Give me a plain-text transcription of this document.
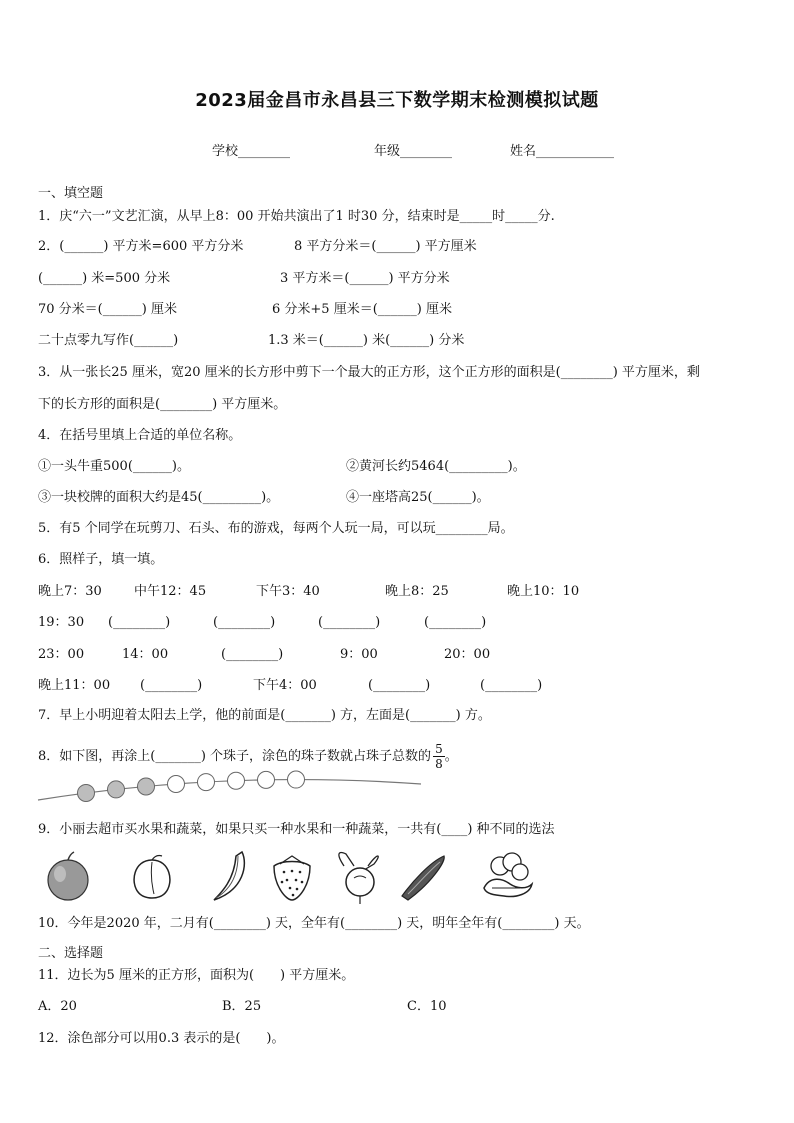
2023届金昌市永昌县三下数学期末检测模拟试题
学校________	年级________	姓名____________
一、填空题
1．庆“六一”文艺汇演，从早上8：00 开始共演出了1 时30 分，结束时是_____时_____分.
2．(______) 平方米=600 平方分米	8 平方分米＝(______) 平方厘米
(______) 米=500 分米	3 平方米＝(______) 平方分米
70 分米＝(______) 厘米	6 分米+5 厘米＝(______) 厘米
二十点零九写作(______)	1.3 米＝(______) 米(______) 分米
3．从一张长25 厘米，宽20 厘米的长方形中剪下一个最大的正方形，这个正方形的面积是(________) 平方厘米，剩
下的长方形的面积是(________) 平方厘米。
4．在括号里填上合适的单位名称。
①一头牛重500(______)。	②黄河长约5464(_________)。
③一块校牌的面积大约是45(_________)。	④一座塔高25(______)。
5．有5 个同学在玩剪刀、石头、布的游戏，每两个人玩一局，可以玩________局。
6．照样子，填一填。
晚上7：30 中午12：45	下午3：40	晚上8：25	晚上10：10
19：30 (________)	(________)	(________)	(________)
23：00	14：00	(________)	9：00	20：00
晚上11：00 (________)	下午4：00	(________)	(________)
7．早上小明迎着太阳去上学，他的前面是(_______) 方，左面是(_______) 方。
8．如下图，再涂上(_______) 个珠子，涂色的珠子数就占珠子总数的 $\frac{5}{8}$ 。
9．小丽去超市买水果和蔬菜，如果只买一种水果和一种蔬菜，一共有(____) 种不同的选法
10．今年是2020 年，二月有(________) 天，全年有(________) 天，明年全年有(________) 天。
二、选择题
11．边长为5 厘米的正方形，面积为(　　) 平方厘米。
A．20	B．25	C．10
12．涂色部分可以用0.3 表示的是(　　)。
